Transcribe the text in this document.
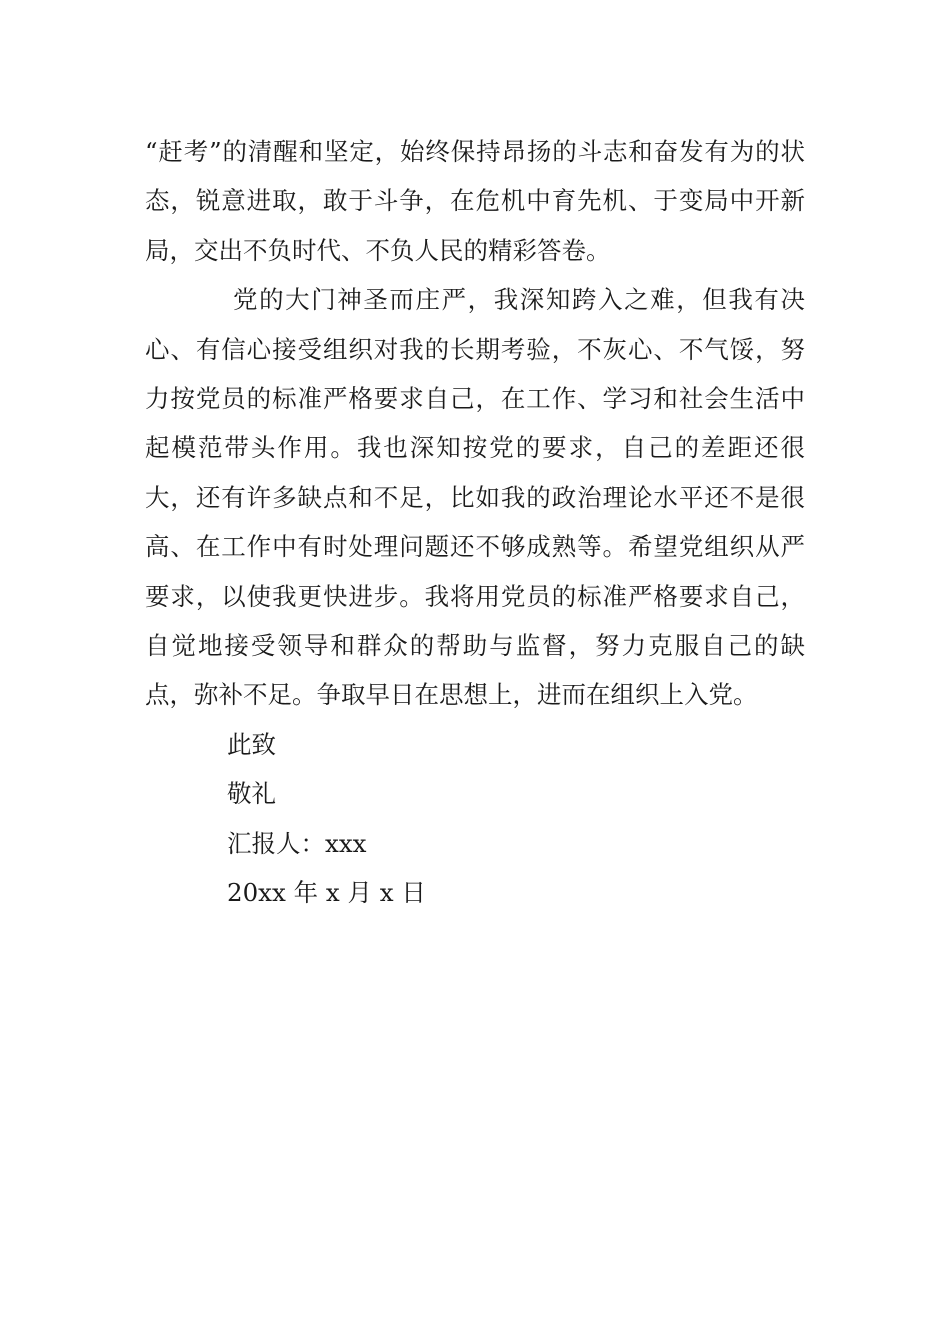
“赶考”的清醒和坚定，始终保持昂扬的斗志和奋发有为的状态，锐意进取，敢于斗争，在危机中育先机、于变局中开新局，交出不负时代、不负人民的精彩答卷。

党的大门神圣而庄严，我深知跨入之难，但我有决心、有信心接受组织对我的长期考验，不灰心、不气馁，努力按党员的标准严格要求自己，在工作、学习和社会生活中起模范带头作用。我也深知按党的要求，自己的差距还很大，还有许多缺点和不足，比如我的政治理论水平还不是很高、在工作中有时处理问题还不够成熟等。希望党组织从严要求，以使我更快进步。我将用党员的标准严格要求自己，自觉地接受领导和群众的帮助与监督，努力克服自己的缺点，弥补不足。争取早日在思想上，进而在组织上入党。

此致

敬礼

汇报人：xxx

20xx 年 x 月 x 日
